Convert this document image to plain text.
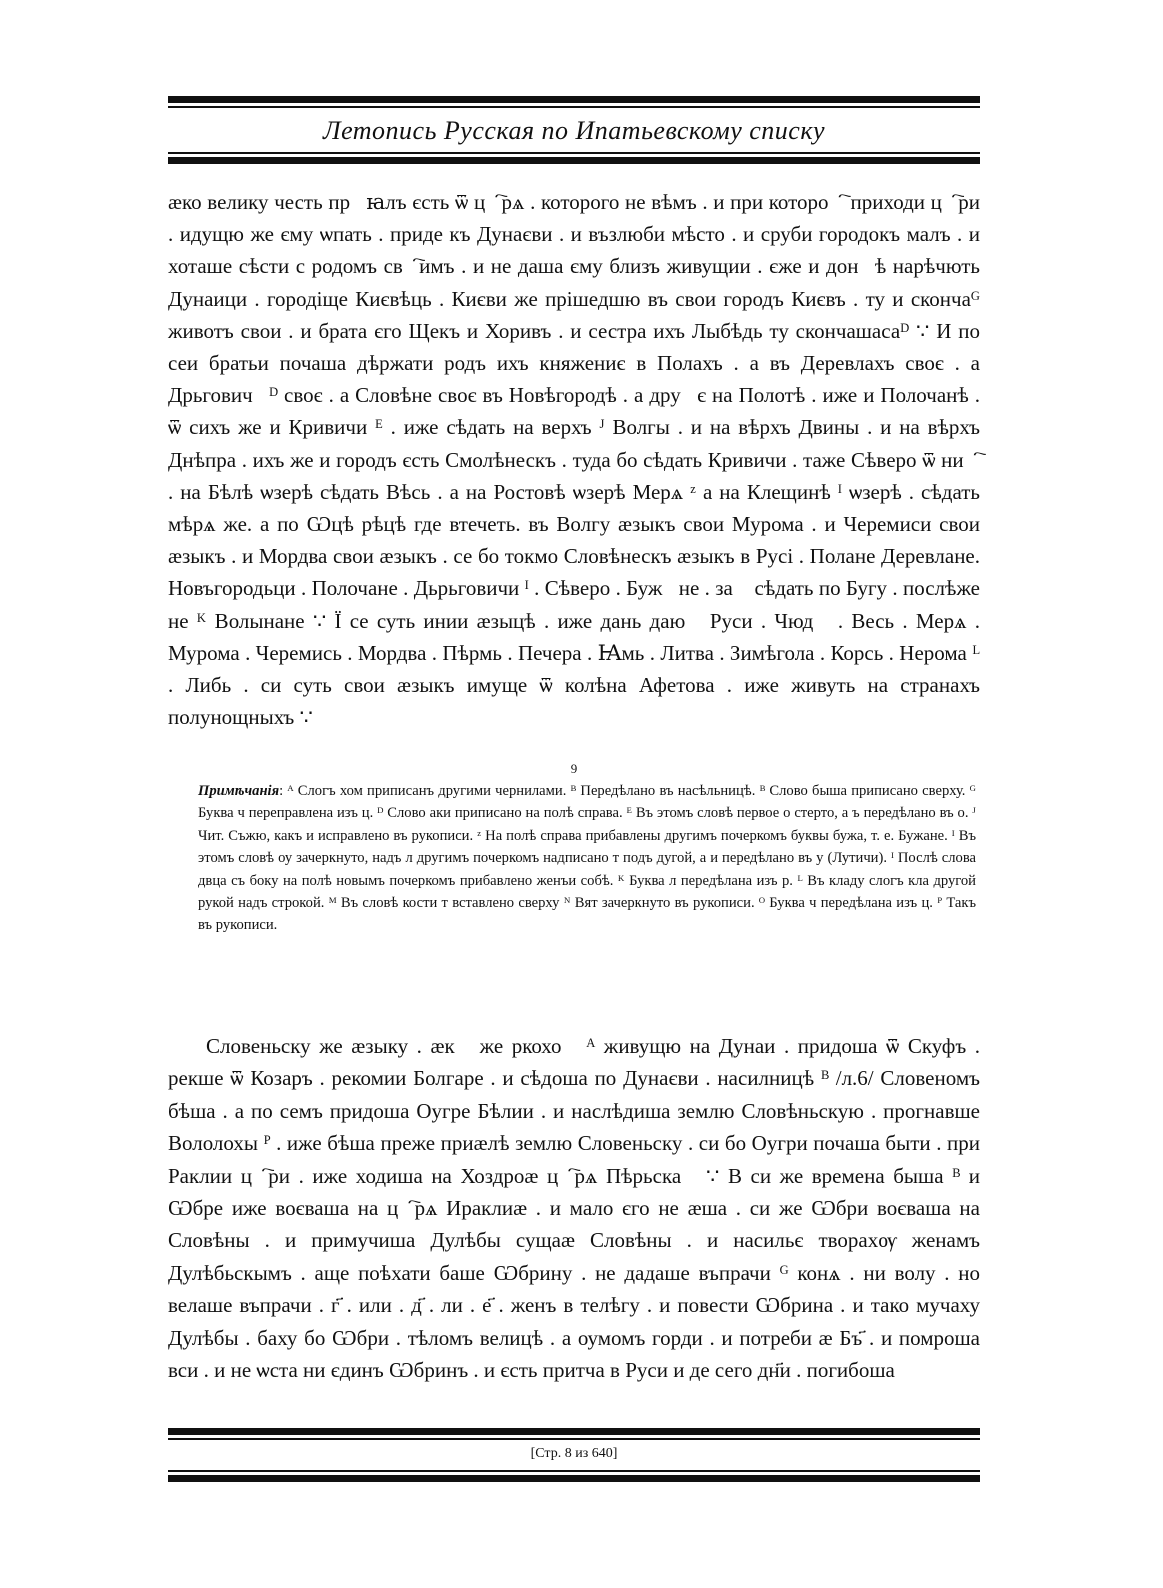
Летопись Русская по Ипатьевскому списку

ӕко велику честь прꙵꙗлъ єсть ѿ цⷭ҇рѧ . которого не вѣмъ . и при котороⷨ҇ приходи цⷭ҇ри . идущю же єму ѡпать . приде къ Дунаєви . и възлюби мѣсто . и сруби городокъ малъ . и хоташе сѣсти с родомъ свⷪ҇имъ . и не даша єму близъ живущии . єже и донꙵѣ нарѣчють Дунаици . городіще Києвѣць . Києви же прішедшю въ свои городъ Києвъ . ту и скончаᴳ животъ свои . и брата єго Щекъ и Хоривъ . и сестра ихъ Лыбѣдь ту скончашасаᴰ ∵ И по сеи братьи почаша дѣржати родъ ихъ княжениє в Полахъ . а въ Деревлахъ своє . а Дрьговичꙵᴰ своє . а Словѣне своє въ Новѣгородѣ . а друꙶє на Полотѣ . иже и Полочанѣ . ѿ сихъ же и Кривичи ᴱ . иже сѣдать на верхъ ᴶ Волгы . и на вѣрхъ Двины . и на вѣрхъ Днѣпра . ихъ же и городъ єсть Смолѣнескъ . туда бо сѣдать Кривичи . таже Сѣверо ѿ ниⷯ҇ . на Бѣлѣ ѡзерѣ сѣдать Вѣсь . а на Ростовѣ ѡзерѣ Мерѧ ᶻ а на Клещинѣ ᴵ ѡзерѣ . сѣдать мѣрѧ же. а по Ѡцѣ рѣцѣ где втечеть. въ Волгу ӕзыкъ свои Мурома . и Черемиси свои ӕзыкъ . и Мордва свои ӕзыкъ . се бо токмо Словѣнескъ ӕзыкъ в Русі . Полане Деревлане. Новъгородьци . Полочане . Дьрьговичи ᴵ . Сѣверо . Бужⷶне . заꙵ сѣдать по Бугу . послѣже не ᴷ Волынане ∵ Ї се суть инии ӕзыцѣ . иже дань даюⷮ Руси . Чюдⷭ . Весь . Мерѧ . Мурома . Черемись . Мордва . Пѣрмь . Печера . Ꙗмь . Литва . Зимѣгола . Корсь . Нерома ᴸ . Либь . си суть свои ӕзыкъ имуще ѿ колѣна Афетова . иже живуть на странахъ полунощныхъ ∵

9

Примѣчанія: ᴬ Слогъ хом приписанъ другими чернилами. ᴮ Передѣлано въ насѣльницѣ. ᴮ Слово быша приписано сверху. ᴳ Буква ч переправлена изъ ц. ᴰ Слово аки приписано на полѣ справа. ᴱ Въ этомъ словѣ первое о стерто, а ъ передѣлано въ о. ᴶ Чит. Съжю, какъ и исправлено въ рукописи. ᶻ На полѣ справа прибавлены другимъ почеркомъ буквы бужа, т. е. Бужане. ᴵ Въ этомъ словѣ оу зачеркнуто, надъ л другимъ почеркомъ надписано т подъ дугой, а и передѣлано въ у (Лутичи). ᴵ Послѣ слова двца съ боку на полѣ новымъ почеркомъ прибавлено женъи собѣ. ᴷ Буква л передѣлана изъ р. ᴸ Въ кладу слогъ кла другой рукой надъ строкой. ᴹ Въ словѣ кости т вставлено сверху ᴺ Вят зачеркнуто въ рукописи. ᴼ Буква ч передѣлана изъ ц. ᴾ Такъ въ рукописи.

Словеньску же ӕзыку . ӕкⷪ же ркохоⷨ ᴬ живущю на Дунаи . придоша ѿ Скуфъ . рекше ѿ Козаръ . рекомии Болгаре . и сѣдоша по Дунаєви . насилницѣ ᴮ /л.6/ Словеномъ бѣша . а по семъ придоша Оугре Бѣлии . и наслѣдиша землю Словѣньскую . прогнавше Вололохы ᴾ . иже бѣша преже приӕлѣ землю Словеньску . си бо Оугри почаша быти . при Раклии цⷭ҇ри . иже ходиша на Хоздроӕ цⷭ҇рѧ Пѣрьскаⷢ ∵ В си же времена быша ᴮ и Ѡбре иже воєваша на цⷭ҇рѧ Ираклиӕ . и мало єго не ӕша . си же Ѡбри воєваша на Словѣны . и примучиша Дулѣбы сущаӕ Словѣны . и насильє творахѹ женамъ Дулѣбьскымъ . аще поѣхати баше Ѡбрину . не дадаше въпрачи ᴳ конѧ . ни волу . но велаше въпрачи . г҃ . или . д҃ . ли . е҃ . женъ в телѣгу . и повести Ѡбрина . и тако мучаху Дулѣбы . баху бо Ѡбри . тѣломъ велицѣ . а оумомъ горди . и потреби ӕ Бъ҃ . и помроша вси . и не ѡста ни єдинъ Ѡбринъ . и єсть притча в Руси и де сего дн҃и . погибоша

[Стр. 8 из 640]
